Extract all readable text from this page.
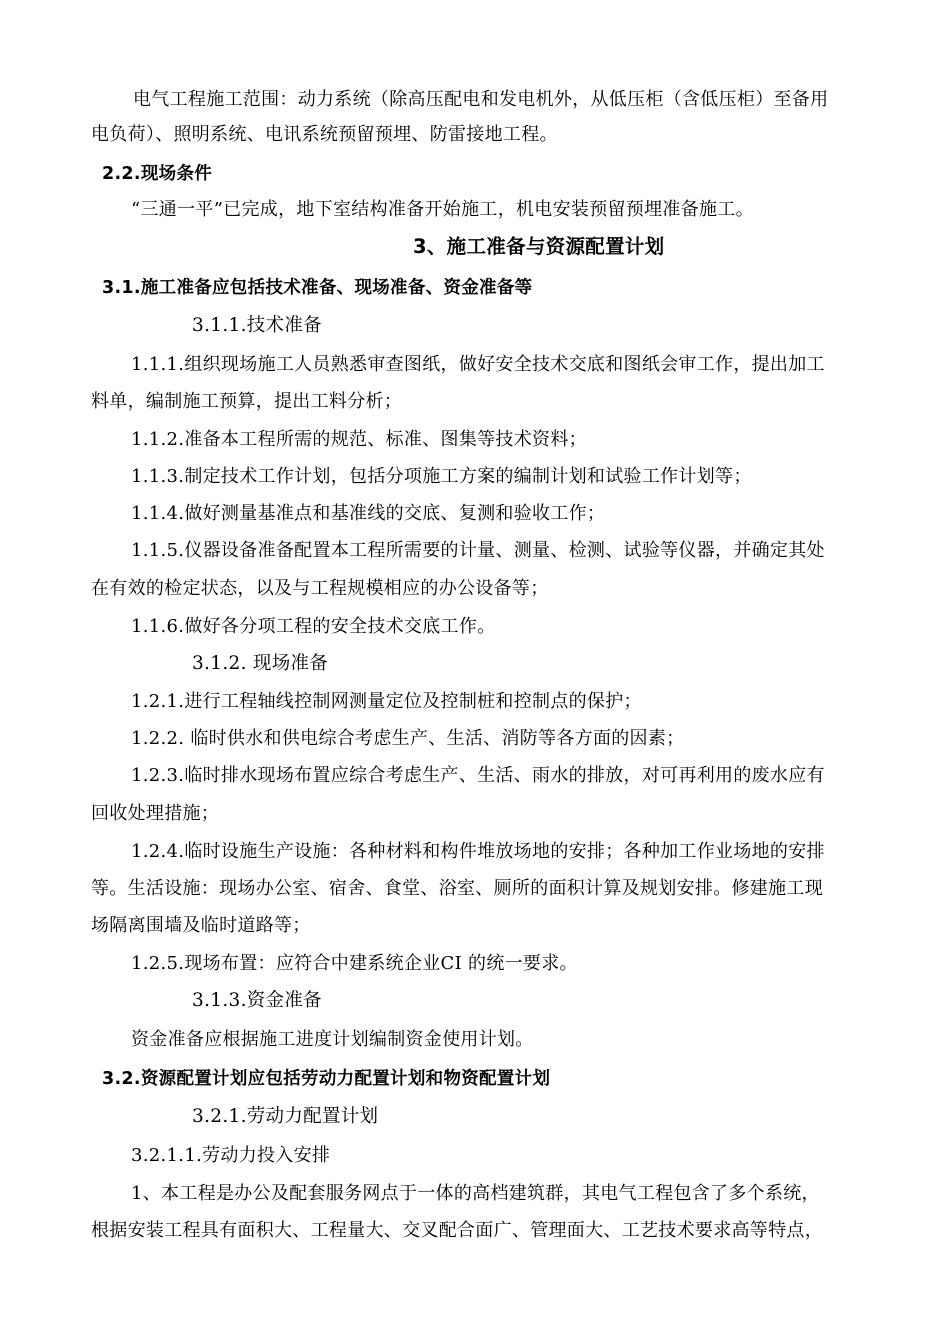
电气工程施工范围：动力系统（除高压配电和发电机外，从低压柜（含低压柜）至备用
电负荷）、照明系统、电讯系统预留预埋、防雷接地工程。
2.2.现场条件
“三通一平”已完成，地下室结构准备开始施工，机电安装预留预埋准备施工。
3、施工准备与资源配置计划
3.1.施工准备应包括技术准备、现场准备、资金准备等
3.1.1.技术准备
1.1.1.组织现场施工人员熟悉审查图纸，做好安全技术交底和图纸会审工作，提出加工
料单，编制施工预算，提出工料分析；
1.1.2.准备本工程所需的规范、标准、图集等技术资料；
1.1.3.制定技术工作计划，包括分项施工方案的编制计划和试验工作计划等；
1.1.4.做好测量基准点和基准线的交底、复测和验收工作；
1.1.5.仪器设备准备配置本工程所需要的计量、测量、检测、试验等仪器，并确定其处
在有效的检定状态，以及与工程规模相应的办公设备等；
1.1.6.做好各分项工程的安全技术交底工作。
3.1.2. 现场准备
1.2.1.进行工程轴线控制网测量定位及控制桩和控制点的保护；
1.2.2. 临时供水和供电综合考虑生产、生活、消防等各方面的因素；
1.2.3.临时排水现场布置应综合考虑生产、生活、雨水的排放，对可再利用的废水应有
回收处理措施；
1.2.4.临时设施生产设施：各种材料和构件堆放场地的安排；各种加工作业场地的安排
等。生活设施：现场办公室、宿舍、食堂、浴室、厕所的面积计算及规划安排。修建施工现
场隔离围墙及临时道路等；
1.2.5.现场布置：应符合中建系统企业CI 的统一要求。
3.1.3.资金准备
资金准备应根据施工进度计划编制资金使用计划。
3.2.资源配置计划应包括劳动力配置计划和物资配置计划
3.2.1.劳动力配置计划
3.2.1.1.劳动力投入安排
1、本工程是办公及配套服务网点于一体的高档建筑群，其电气工程包含了多个系统，
根据安装工程具有面积大、工程量大、交叉配合面广、管理面大、工艺技术要求高等特点，
